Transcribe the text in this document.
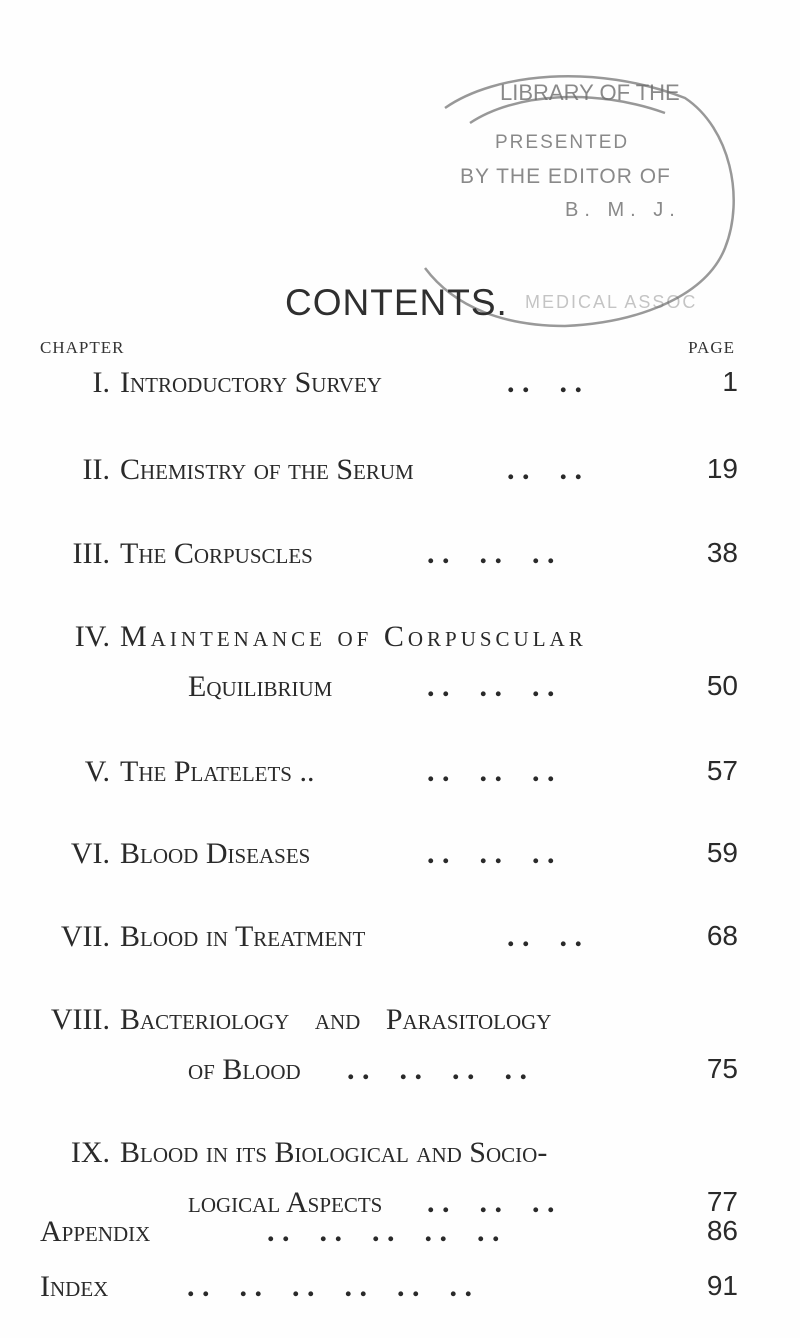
LIBRARY OF THE
PRESENTED
BY THE EDITOR OF
B. M. J.
MEDICAL ASSOC
CONTENTS.
CHAPTER	PAGE
I. Introductory Survey	. .    . .	1
II. Chemistry of the Serum	. .    . .	19
III. The Corpuscles	. .    . .    . .	38
IV. Maintenance of Corpuscular
Equilibrium	. .    . .    . .	50
V. The Platelets ..	. .    . .    . .	57
VI. Blood Diseases	. .    . .    . .	59
VII. Blood in Treatment	. .    . .	68
VIII. Bacteriology and Parasitology
of Blood . .    . .    . .    . .	75
IX. Blood in its Biological and Socio-
logical Aspects . .    . .    . .	77
Appendix	. .    . .    . .    . .    . .	86
Index	. .    . .    . .    . .    . .    . .	91
